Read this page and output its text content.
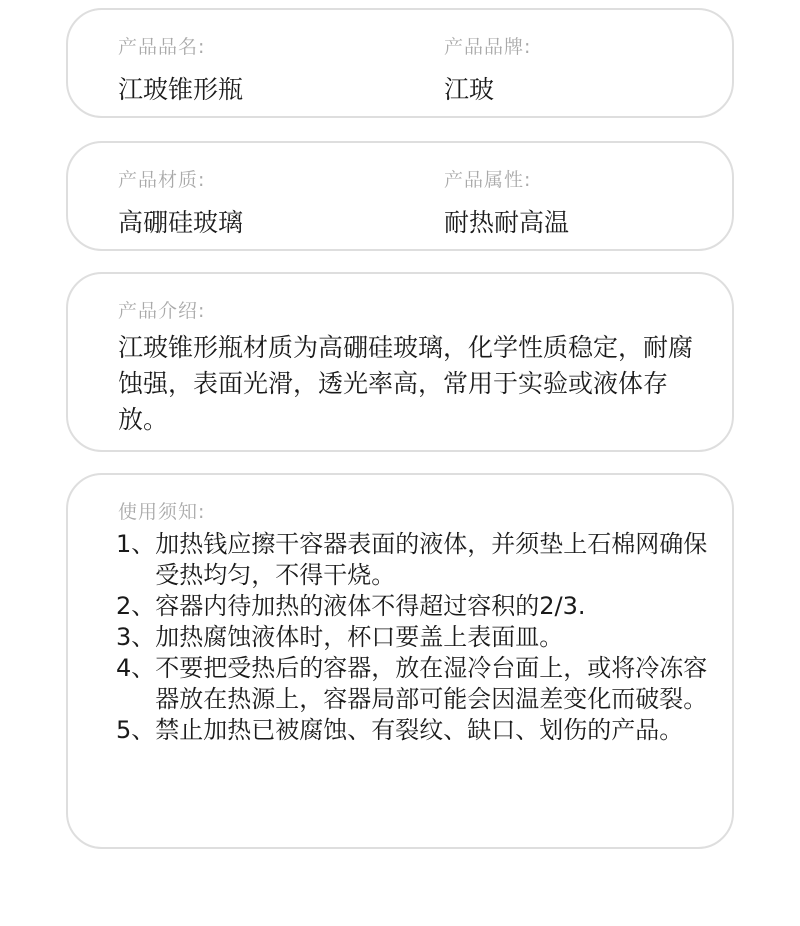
产品品名:
江玻锥形瓶
产品品牌:
江玻
产品材质:
高硼硅玻璃
产品属性:
耐热耐高温
产品介绍:
江玻锥形瓶材质为高硼硅玻璃，化学性质稳定，耐腐蚀强，表面光滑，透光率高，常用于实验或液体存放。
使用须知:
1、 加热钱应擦干容器表面的液体，并须垫上石棉网确保受热均匀，不得干烧。
2、 容器内待加热的液体不得超过容积的2/3.
3、 加热腐蚀液体时，杯口要盖上表面皿。
4、 不要把受热后的容器，放在湿冷台面上，或将冷冻容器放在热源上，容器局部可能会因温差变化而破裂。
5、 禁止加热已被腐蚀、有裂纹、缺口、划伤的产品。
